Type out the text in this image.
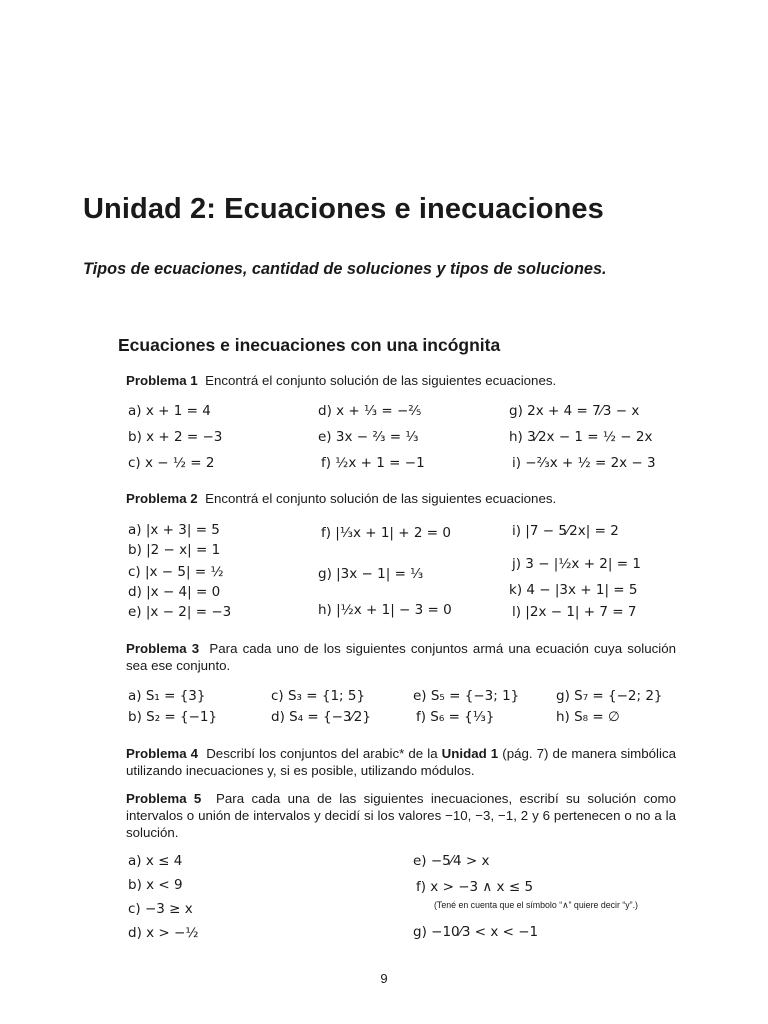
Unidad 2: Ecuaciones e inecuaciones
Tipos de ecuaciones, cantidad de soluciones y tipos de soluciones.
Ecuaciones e inecuaciones con una incógnita

Problema 1 Encontrá el conjunto solución de las siguientes ecuaciones.

a) x + 1 = 4
b) x + 2 = −3
c) x − ½ = 2
d) x + ⅓ = −⅖
e) 3x − ⅔ = ⅓
f) ½x + 1 = −1
g) 2x + 4 = 7⁄3 − x
h) 3⁄2x − 1 = ½ − 2x
i) −⅔x + ½ = 2x − 3

Problema 2 Encontrá el conjunto solución de las siguientes ecuaciones.

a) |x + 3| = 5
b) |2 − x| = 1
c) |x − 5| = ½
d) |x − 4| = 0
e) |x − 2| = −3
f) |⅓x + 1| + 2 = 0
g) |3x − 1| = ⅓
h) |½x + 1| − 3 = 0
i) |7 − 5⁄2x| = 2
j) 3 − |½x + 2| = 1
k) 4 − |3x + 1| = 5
l) |2x − 1| + 7 = 7

Problema 3 Para cada uno de los siguientes conjuntos armá una ecuación cuya solución sea ese conjunto.

a) S₁ = {3}
b) S₂ = {−1}
c) S₃ = {1; 5}
d) S₄ = {−3⁄2}
e) S₅ = {−3; 1}
f) S₆ = {⅓}
g) S₇ = {−2; 2}
h) S₈ = ∅

Problema 4 Describí los conjuntos del arabic* de la Unidad 1 (pág. 7) de manera simbólica utilizando inecuaciones y, si es posible, utilizando módulos.

Problema 5 Para cada una de las siguientes inecuaciones, escribí su solución como intervalos o unión de intervalos y decidí si los valores −10, −3, −1, 2 y 6 pertenecen o no a la solución.

a) x ≤ 4
b) x < 9
c) −3 ≥ x
d) x > −½
e) −5⁄4 > x
f) x > −3 ∧ x ≤ 5
g) −10⁄3 < x < −1
(Tené en cuenta que el símbolo “∧” quiere decir “y”.)
9
